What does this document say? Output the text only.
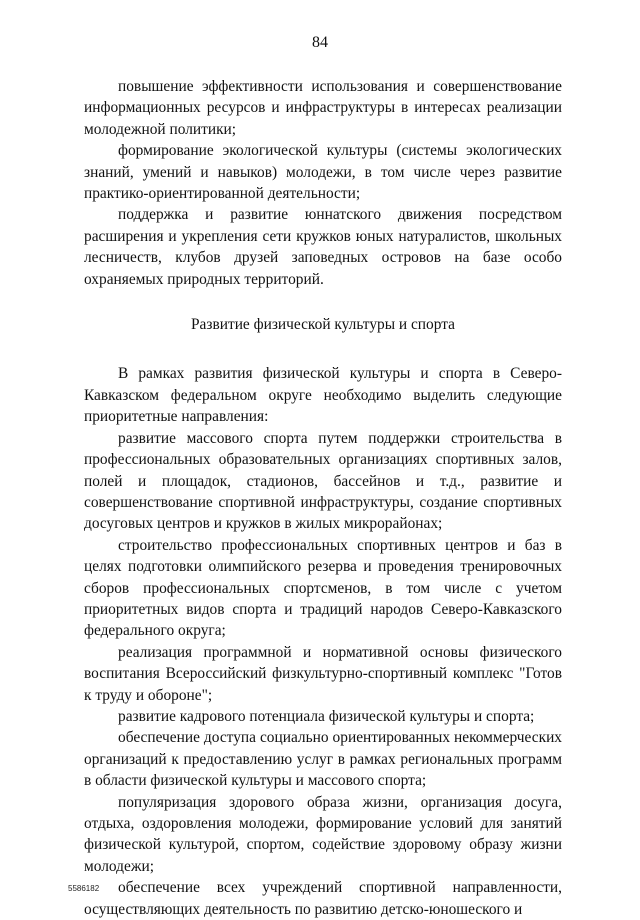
84

повышение эффективности использования и совершенствование информационных ресурсов и инфраструктуры в интересах реализации молодежной политики;

формирование экологической культуры (системы экологических знаний, умений и навыков) молодежи, в том числе через развитие практико-ориентированной деятельности;

поддержка и развитие юннатского движения посредством расширения и укрепления сети кружков юных натуралистов, школьных лесничеств, клубов друзей заповедных островов на базе особо охраняемых природных территорий.

Развитие физической культуры и спорта

В рамках развития физической культуры и спорта в Северо-Кавказском федеральном округе необходимо выделить следующие приоритетные направления:

развитие массового спорта путем поддержки строительства в профессиональных образовательных организациях спортивных залов, полей и площадок, стадионов, бассейнов и т.д., развитие и совершенствование спортивной инфраструктуры, создание спортивных досуговых центров и кружков в жилых микрорайонах;

строительство профессиональных спортивных центров и баз в целях подготовки олимпийского резерва и проведения тренировочных сборов профессиональных спортсменов, в том числе с учетом приоритетных видов спорта и традиций народов Северо-Кавказского федерального округа;

реализация программной и нормативной основы физического воспитания Всероссийский физкультурно-спортивный комплекс "Готов к труду и обороне";

развитие кадрового потенциала физической культуры и спорта;

обеспечение доступа социально ориентированных некоммерческих организаций к предоставлению услуг в рамках региональных программ в области физической культуры и массового спорта;

популяризация здорового образа жизни, организация досуга, отдыха, оздоровления молодежи, формирование условий для занятий физической культурой, спортом, содействие здоровому образу жизни молодежи;

обеспечение всех учреждений спортивной направленности, осуществляющих деятельность по развитию детско-юношеского и

5586182
